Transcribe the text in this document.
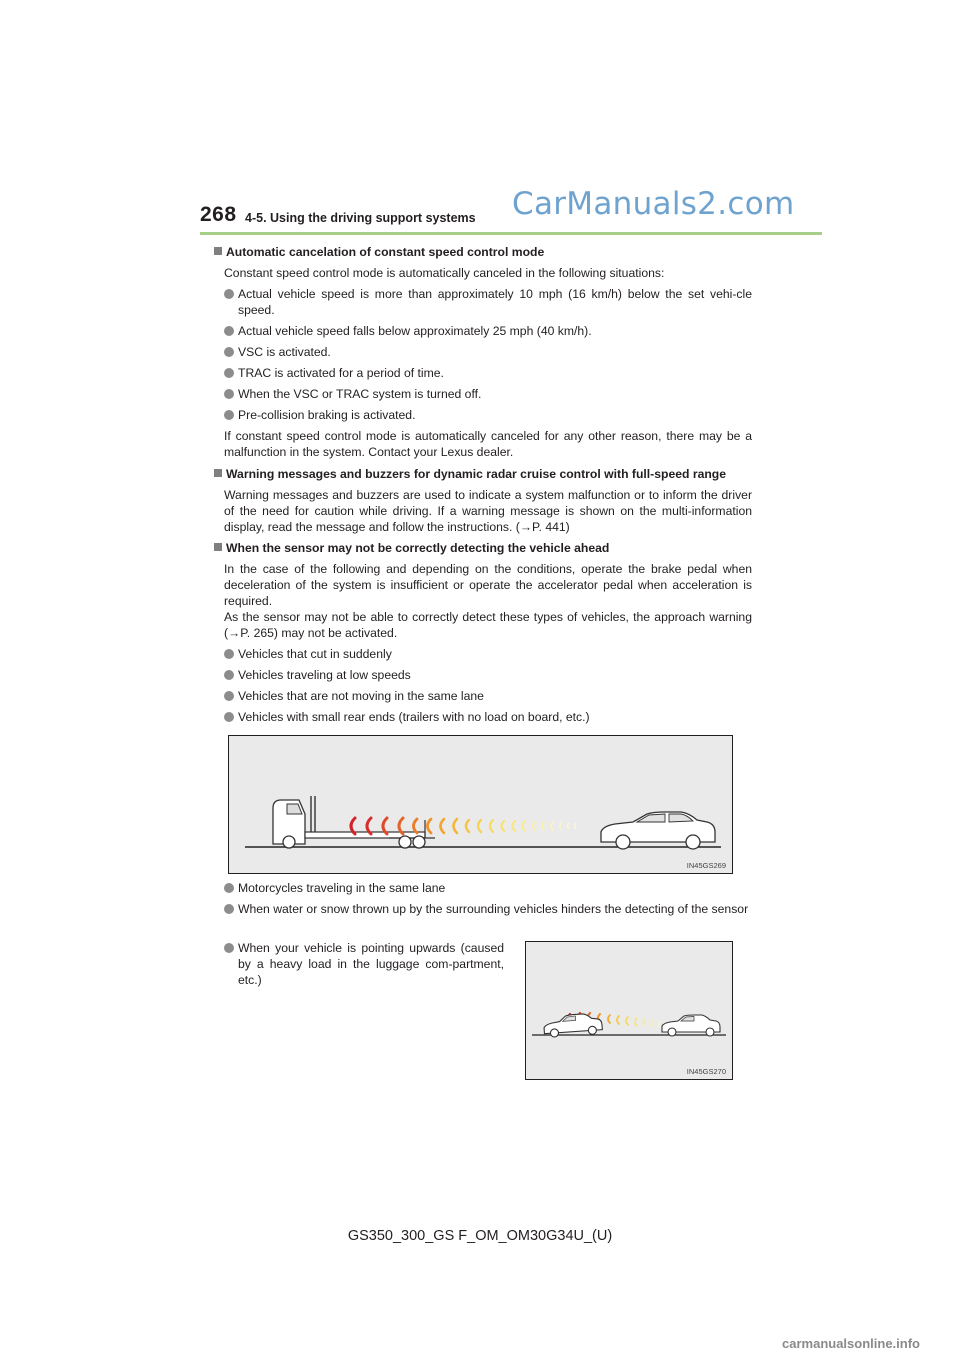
268 4-5. Using the driving support systems CarManuals2.com

Automatic cancelation of constant speed control mode

Constant speed control mode is automatically canceled in the following situations:

Actual vehicle speed is more than approximately 10 mph (16 km/h) below the set vehi-cle speed.
Actual vehicle speed falls below approximately 25 mph (40 km/h).
VSC is activated.
TRAC is activated for a period of time.
When the VSC or TRAC system is turned off.
Pre-collision braking is activated.

If constant speed control mode is automatically canceled for any other reason, there may be a malfunction in the system. Contact your Lexus dealer.

Warning messages and buzzers for dynamic radar cruise control with full-speed range

Warning messages and buzzers are used to indicate a system malfunction or to inform the driver of the need for caution while driving. If a warning message is shown on the multi-information display, read the message and follow the instructions. (→P. 441)

When the sensor may not be correctly detecting the vehicle ahead

In the case of the following and depending on the conditions, operate the brake pedal when deceleration of the system is insufficient or operate the accelerator pedal when acceleration is required.

As the sensor may not be able to correctly detect these types of vehicles, the approach warning (→P. 265) may not be activated.

Vehicles that cut in suddenly
Vehicles traveling at low speeds
Vehicles that are not moving in the same lane
Vehicles with small rear ends (trailers with no load on board, etc.)
IN45GS269
Motorcycles traveling in the same lane
When water or snow thrown up by the surrounding vehicles hinders the detecting of the sensor
When your vehicle is pointing upwards (caused by a heavy load in the luggage com-partment, etc.)
IN45GS270
GS350_300_GS F_OM_OM30G34U_(U)
carmanualsonline.info
